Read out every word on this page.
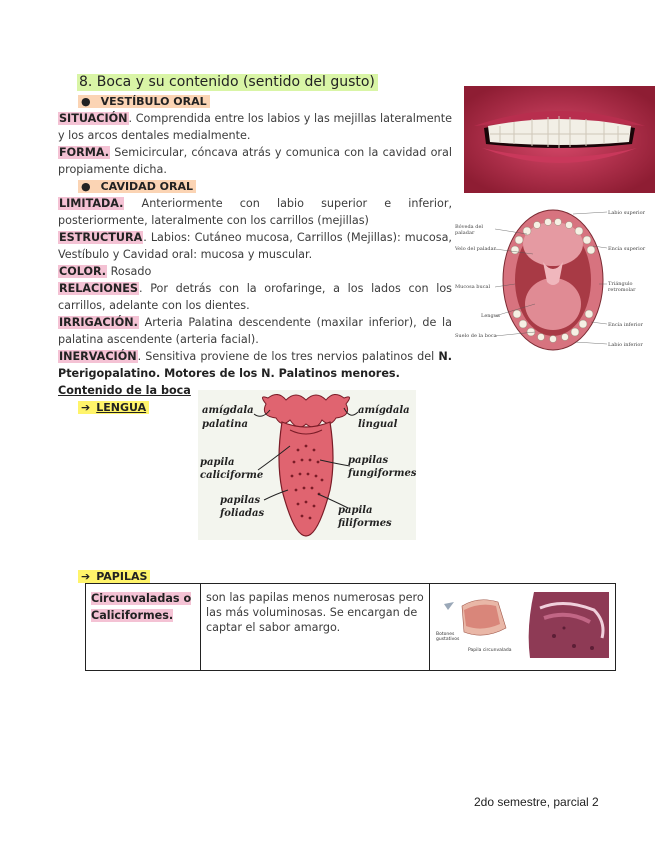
8. Boca y su contenido (sentido del gusto)
● VESTÍBULO ORAL
SITUACIÓN. Comprendida entre los labios y las mejillas lateralmente y los arcos dentales medialmente.
FORMA. Semicircular, cóncava atrás y comunica con la cavidad oral propiamente dicha.
● CAVIDAD ORAL
LIMITADA. Anteriormente con labio superior e inferior, posteriormente, lateralmente con los carrillos (mejillas)
ESTRUCTURA. Labios: Cutáneo mucosa, Carrillos (Mejillas): mucosa, Vestíbulo y Cavidad oral: mucosa y muscular.
COLOR. Rosado
RELACIONES. Por detrás con la orofaringe, a los lados con los carrillos, adelante con los dientes.
IRRIGACIÓN. Arteria Palatina descendente (maxilar inferior), de la palatina ascendente (arteria facial).
INERVACIÓN. Sensitiva proviene de los tres nervios palatinos del N. Pterigopalatino. Motores de los N. Palatinos menores.
Contenido de la boca
➔ LENGUA
Bóveda del paladar
Velo del paladar
Mucosa bucal
Lengua
Suelo de la boca
Labio superior
Encía superior
Triángulo retromolar
Encía inferior
Labio inferior
amígdala
palatina
amígdala
lingual
papila
caliciforme
papilas
fungiformes
papilas
foliadas	papila
filiformes
➔ PAPILAS
Circunvaladas o Caliciformes.	son las papilas menos numerosas pero las más voluminosas. Se encargan de captar el sabor amargo.	
Botones gustativos
Papila circunvalada
2do semestre, parcial 2
